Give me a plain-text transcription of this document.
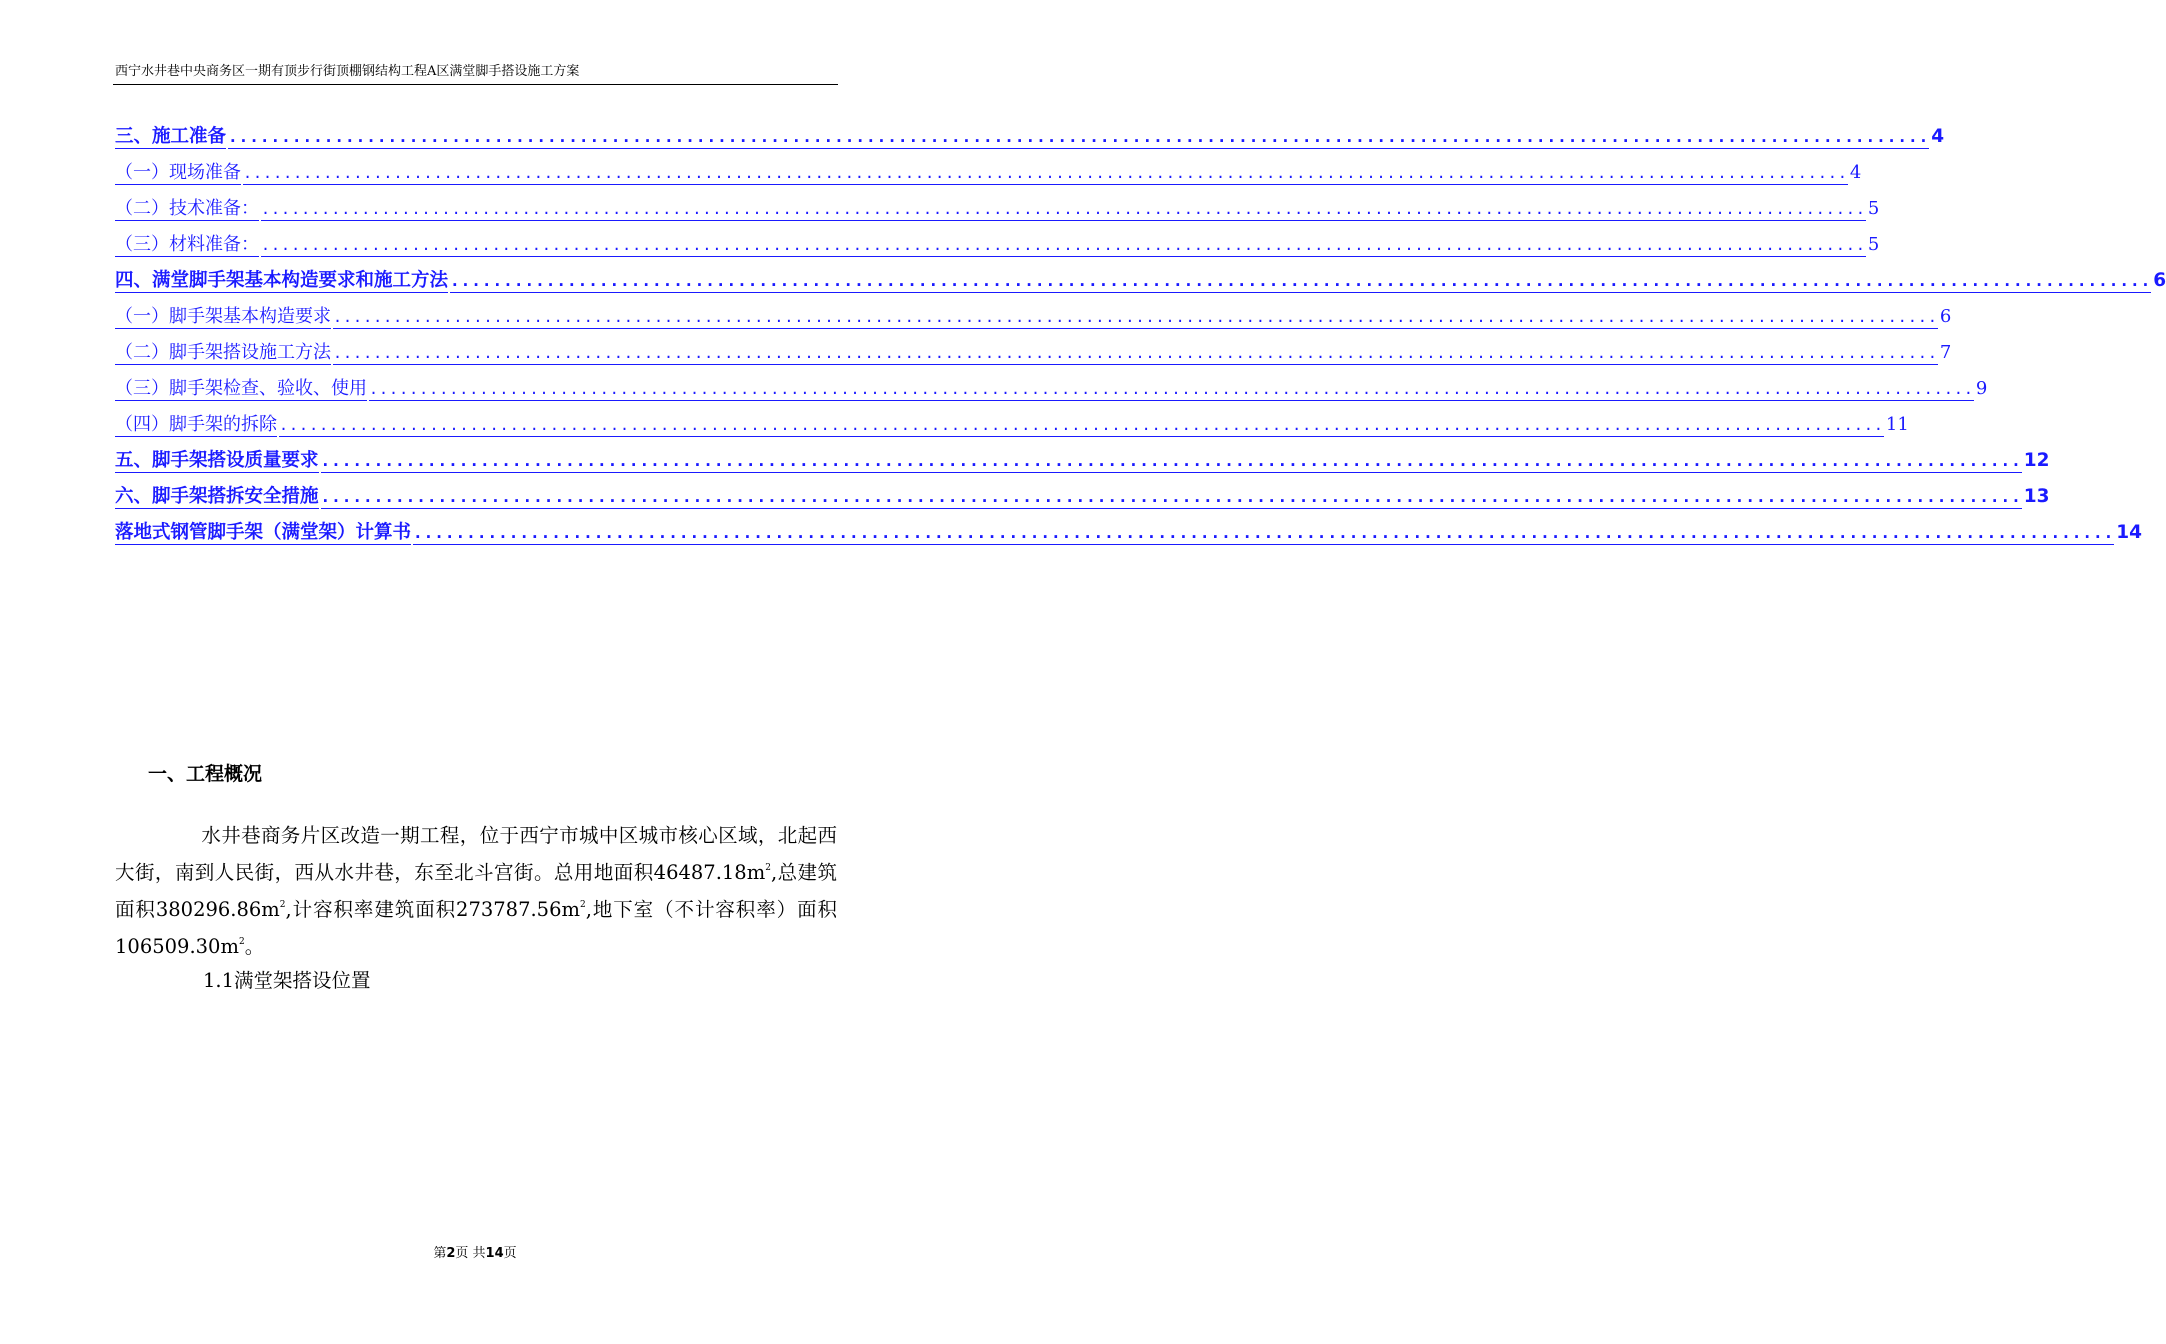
西宁水井巷中央商务区一期有顶步行街顶棚钢结构工程A区满堂脚手搭设施工方案
三、施工准备 ................................................................................................................................................................ 4
（一）现场准备 ................................................................................................................................................................ 4
（二）技术准备： ................................................................................................................................................................ 5
（三）材料准备： ................................................................................................................................................................ 5
四、满堂脚手架基本构造要求和施工方法 ................................................................................................................................................................ 6
（一）脚手架基本构造要求 ................................................................................................................................................................ 6
（二）脚手架搭设施工方法 ................................................................................................................................................................ 7
（三）脚手架检查、验收、使用 ................................................................................................................................................................ 9
（四）脚手架的拆除 ................................................................................................................................................................ 11
五、脚手架搭设质量要求 ................................................................................................................................................................ 12
六、脚手架搭拆安全措施 ................................................................................................................................................................ 13
落地式钢管脚手架（满堂架）计算书 ................................................................................................................................................................ 14
一、工程概况
水井巷商务片区改造一期工程，位于西宁市城中区城市核心区域，北起西大街，南到人民街，西从水井巷，东至北斗宫街。总用地面积$46487.18m^2$,总建筑面积$380296.86m^2$,计容积率建筑面积$273787.56m^2$,地下室（不计容积率）面积$106509.30m^2$。
1.1满堂架搭设位置
第2页 共14页
